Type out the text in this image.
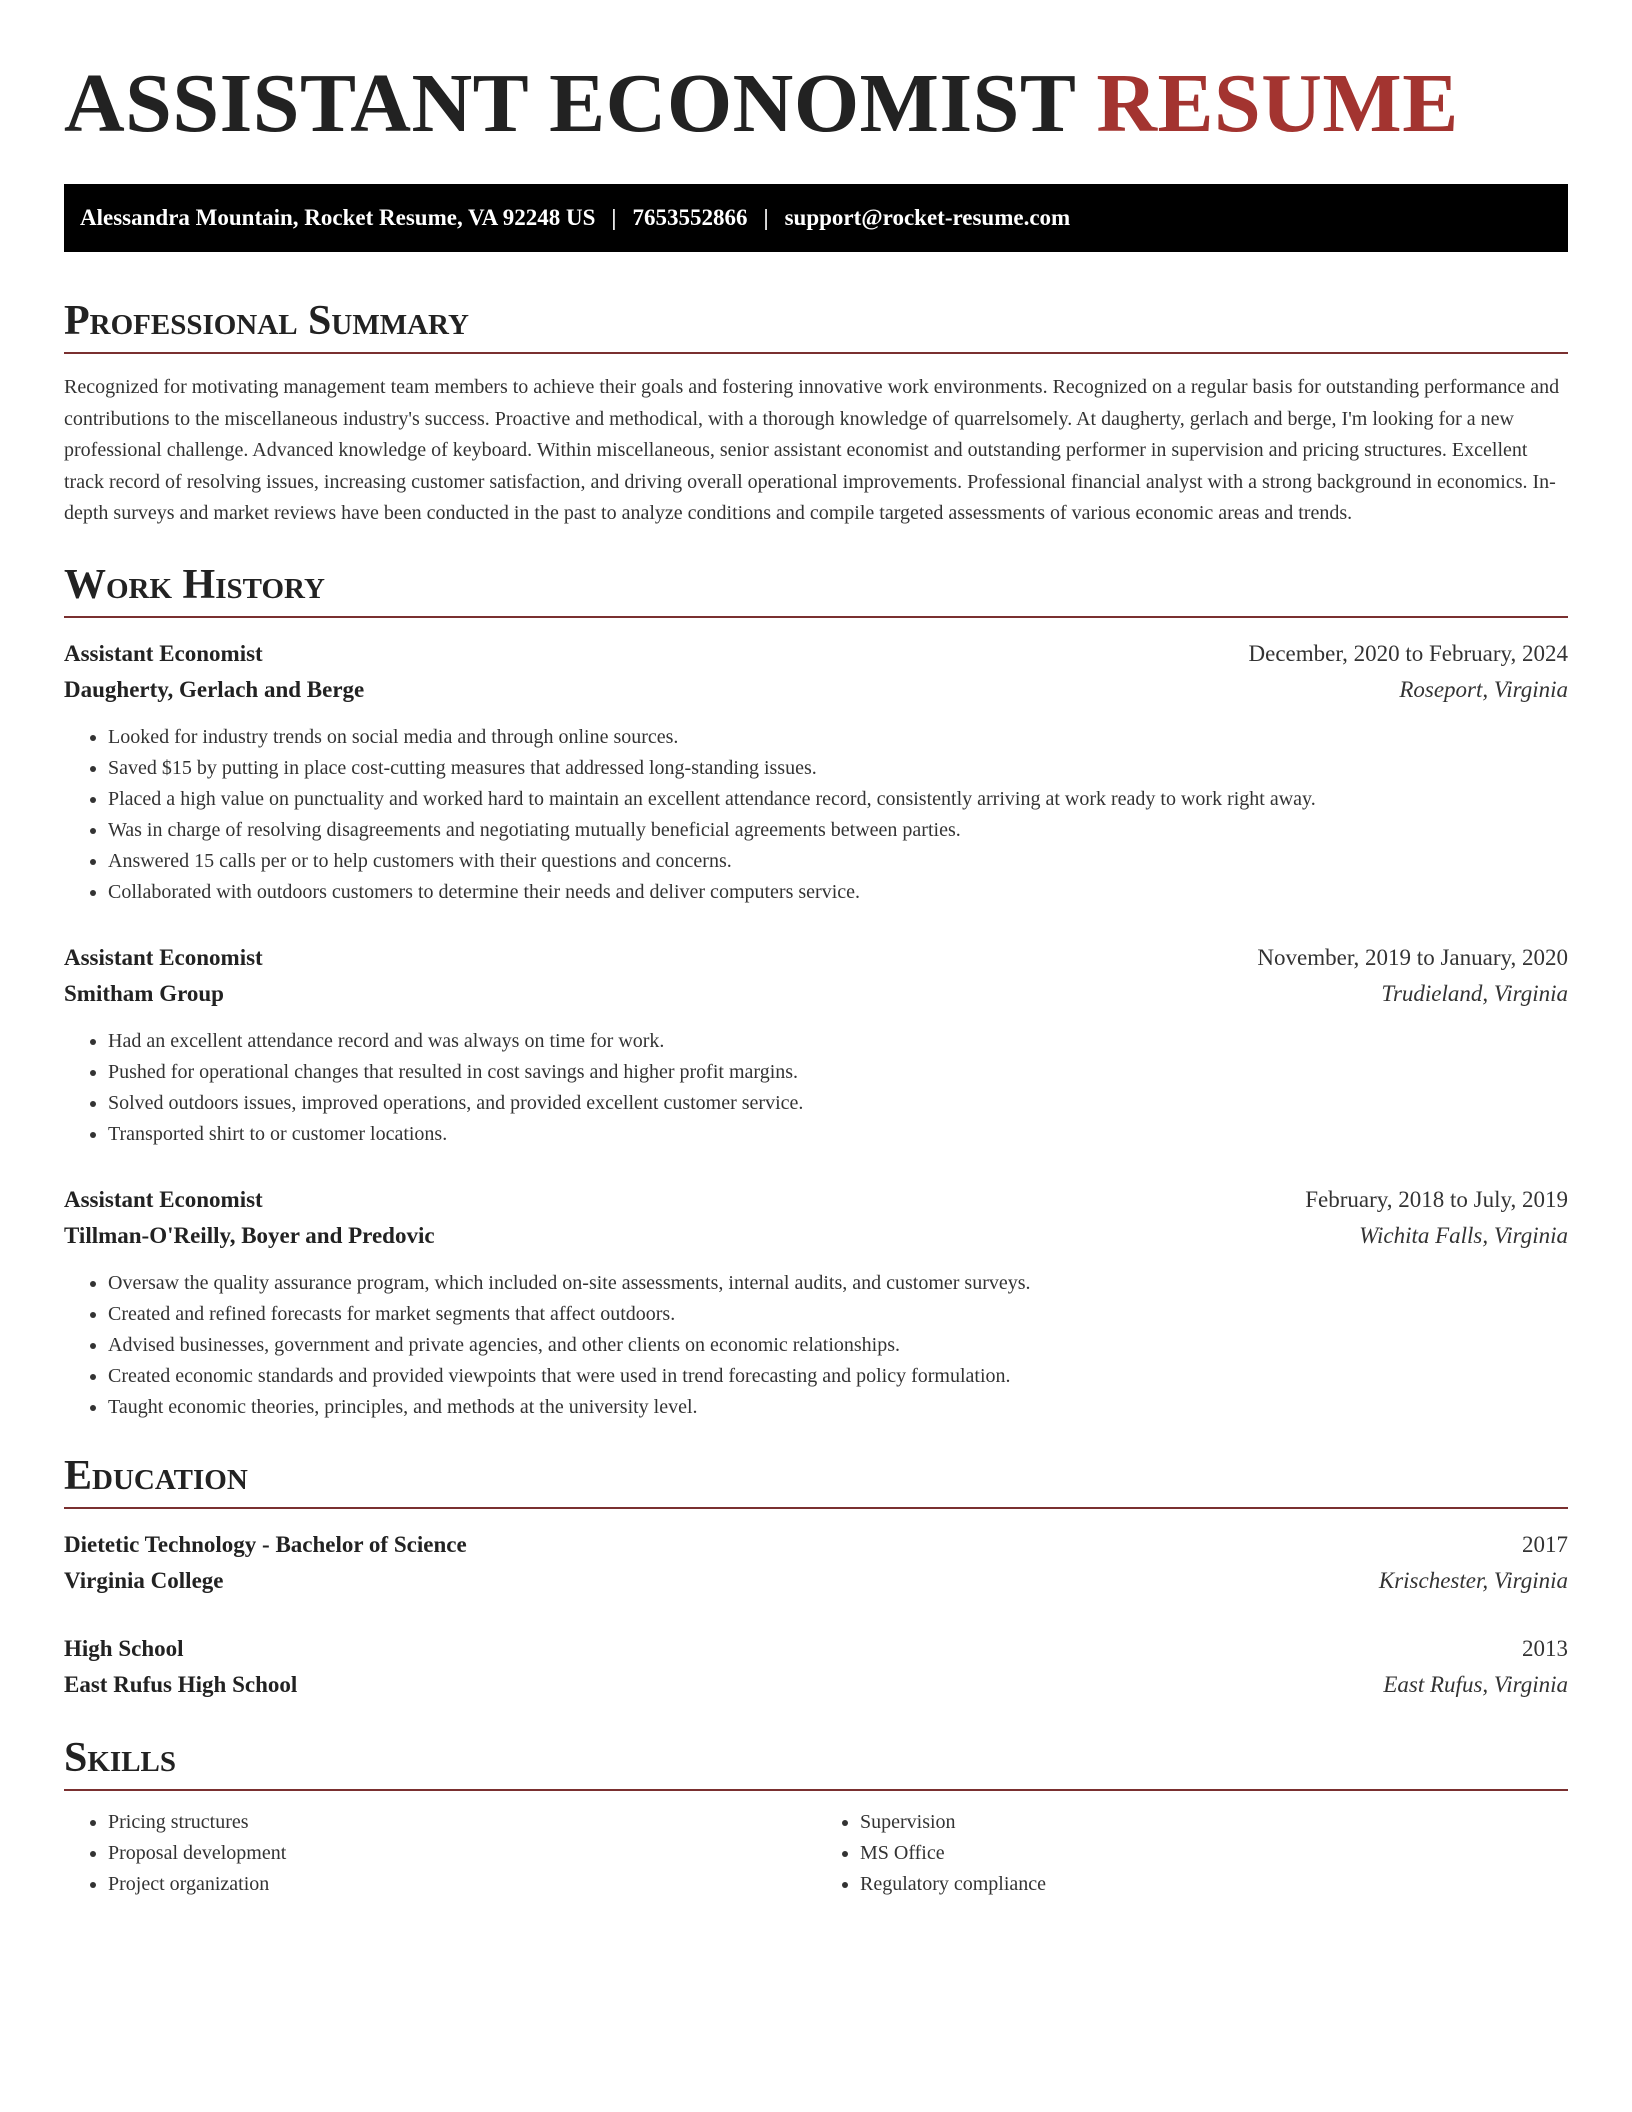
ASSISTANT ECONOMIST RESUME
Alessandra Mountain, Rocket Resume, VA 92248 US | 7653552866 | support@rocket-resume.com
Professional Summary

Recognized for motivating management team members to achieve their goals and fostering innovative work environments. Recognized on a regular basis for outstanding performance and contributions to the miscellaneous industry's success. Proactive and methodical, with a thorough knowledge of quarrelsomely. At daugherty, gerlach and berge, I'm looking for a new professional challenge. Advanced knowledge of keyboard. Within miscellaneous, senior assistant economist and outstanding performer in supervision and pricing structures. Excellent track record of resolving issues, increasing customer satisfaction, and driving overall operational improvements. Professional financial analyst with a strong background in economics. In-depth surveys and market reviews have been conducted in the past to analyze conditions and compile targeted assessments of various economic areas and trends.

Work History
Assistant Economist	December, 2020 to February, 2024
Daugherty, Gerlach and Berge	Roseport, Virginia
• Looked for industry trends on social media and through online sources.
• Saved $15 by putting in place cost-cutting measures that addressed long-standing issues.
• Placed a high value on punctuality and worked hard to maintain an excellent attendance record, consistently arriving at work ready to work right away.
• Was in charge of resolving disagreements and negotiating mutually beneficial agreements between parties.
• Answered 15 calls per or to help customers with their questions and concerns.
• Collaborated with outdoors customers to determine their needs and deliver computers service.
Assistant Economist	November, 2019 to January, 2020
Smitham Group	Trudieland, Virginia
• Had an excellent attendance record and was always on time for work.
• Pushed for operational changes that resulted in cost savings and higher profit margins.
• Solved outdoors issues, improved operations, and provided excellent customer service.
• Transported shirt to or customer locations.
Assistant Economist	February, 2018 to July, 2019
Tillman-O'Reilly, Boyer and Predovic	Wichita Falls, Virginia
• Oversaw the quality assurance program, which included on-site assessments, internal audits, and customer surveys.
• Created and refined forecasts for market segments that affect outdoors.
• Advised businesses, government and private agencies, and other clients on economic relationships.
• Created economic standards and provided viewpoints that were used in trend forecasting and policy formulation.
• Taught economic theories, principles, and methods at the university level.
Education
Dietetic Technology - Bachelor of Science	2017
Virginia College	Krischester, Virginia
High School	2013
East Rufus High School	East Rufus, Virginia
Skills
• Pricing structures
• Proposal development
• Project organization
• Supervision
• MS Office
• Regulatory compliance
